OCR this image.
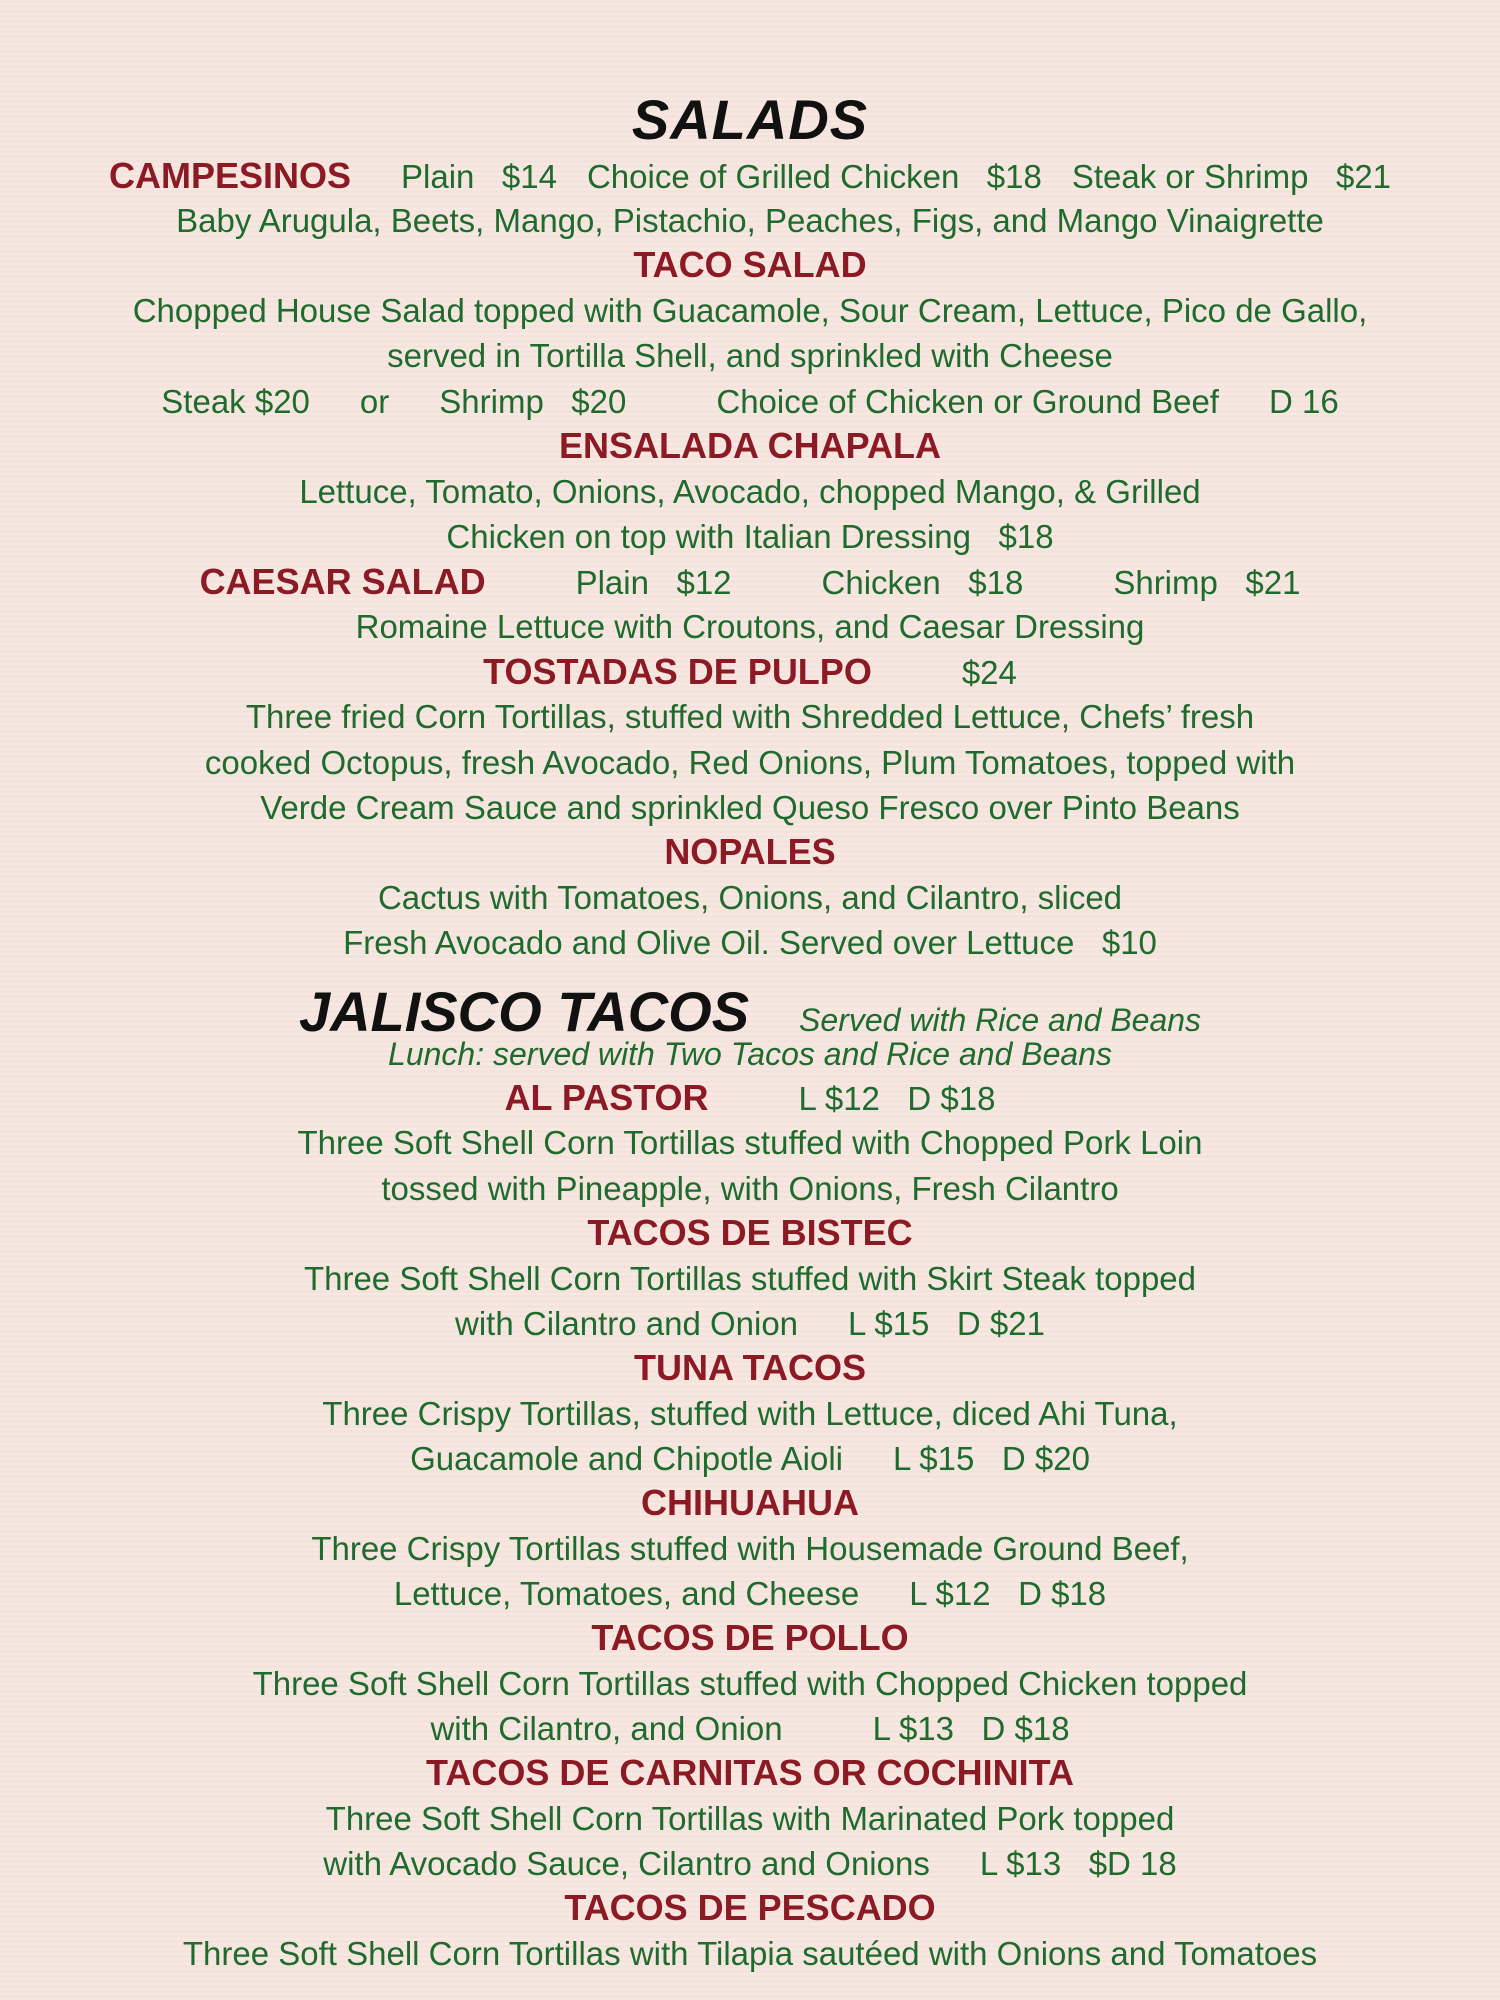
SALADS
CAMPESINOS Plain   $14 Choice of Grilled Chicken   $18 Steak or Shrimp   $21
Baby Arugula, Beets, Mango, Pistachio, Peaches, Figs, and Mango Vinaigrette
TACO SALAD
Chopped House Salad topped with Guacamole, Sour Cream, Lettuce, Pico de Gallo,
served in Tortilla Shell, and sprinkled with Cheese
Steak $20 or Shrimp   $20	Choice of Chicken or Ground Beef D 16
ENSALADA CHAPALA
Lettuce, Tomato, Onions, Avocado, chopped Mango, & Grilled
Chicken on top with Italian Dressing   $18
CAESAR SALAD	Plain   $12	Chicken   $18	Shrimp   $21
Romaine Lettuce with Croutons, and Caesar Dressing
TOSTADAS DE PULPO	$24
Three fried Corn Tortillas, stuffed with Shredded Lettuce, Chefs’ fresh
cooked Octopus, fresh Avocado, Red Onions, Plum Tomatoes, topped with
Verde Cream Sauce and sprinkled Queso Fresco over Pinto Beans
NOPALES
Cactus with Tomatoes, Onions, and Cilantro, sliced
Fresh Avocado and Olive Oil. Served over Lettuce   $10
JALISCO TACOS Served with Rice and Beans
Lunch: served with Two Tacos and Rice and Beans
AL PASTOR	L $12   D $18
Three Soft Shell Corn Tortillas stuffed with Chopped Pork Loin
tossed with Pineapple, with Onions, Fresh Cilantro
TACOS DE BISTEC
Three Soft Shell Corn Tortillas stuffed with Skirt Steak topped
with Cilantro and Onion L $15   D $21
TUNA TACOS
Three Crispy Tortillas, stuffed with Lettuce, diced Ahi Tuna,
Guacamole and Chipotle Aioli L $15   D $20
CHIHUAHUA
Three Crispy Tortillas stuffed with Housemade Ground Beef,
Lettuce, Tomatoes, and Cheese L $12   D $18
TACOS DE POLLO
Three Soft Shell Corn Tortillas stuffed with Chopped Chicken topped
with Cilantro, and Onion	L $13   D $18
TACOS DE CARNITAS OR COCHINITA
Three Soft Shell Corn Tortillas with Marinated Pork topped
with Avocado Sauce, Cilantro and Onions L $13   $D 18
TACOS DE PESCADO
Three Soft Shell Corn Tortillas with Tilapia sautéed with Onions and Tomatoes
